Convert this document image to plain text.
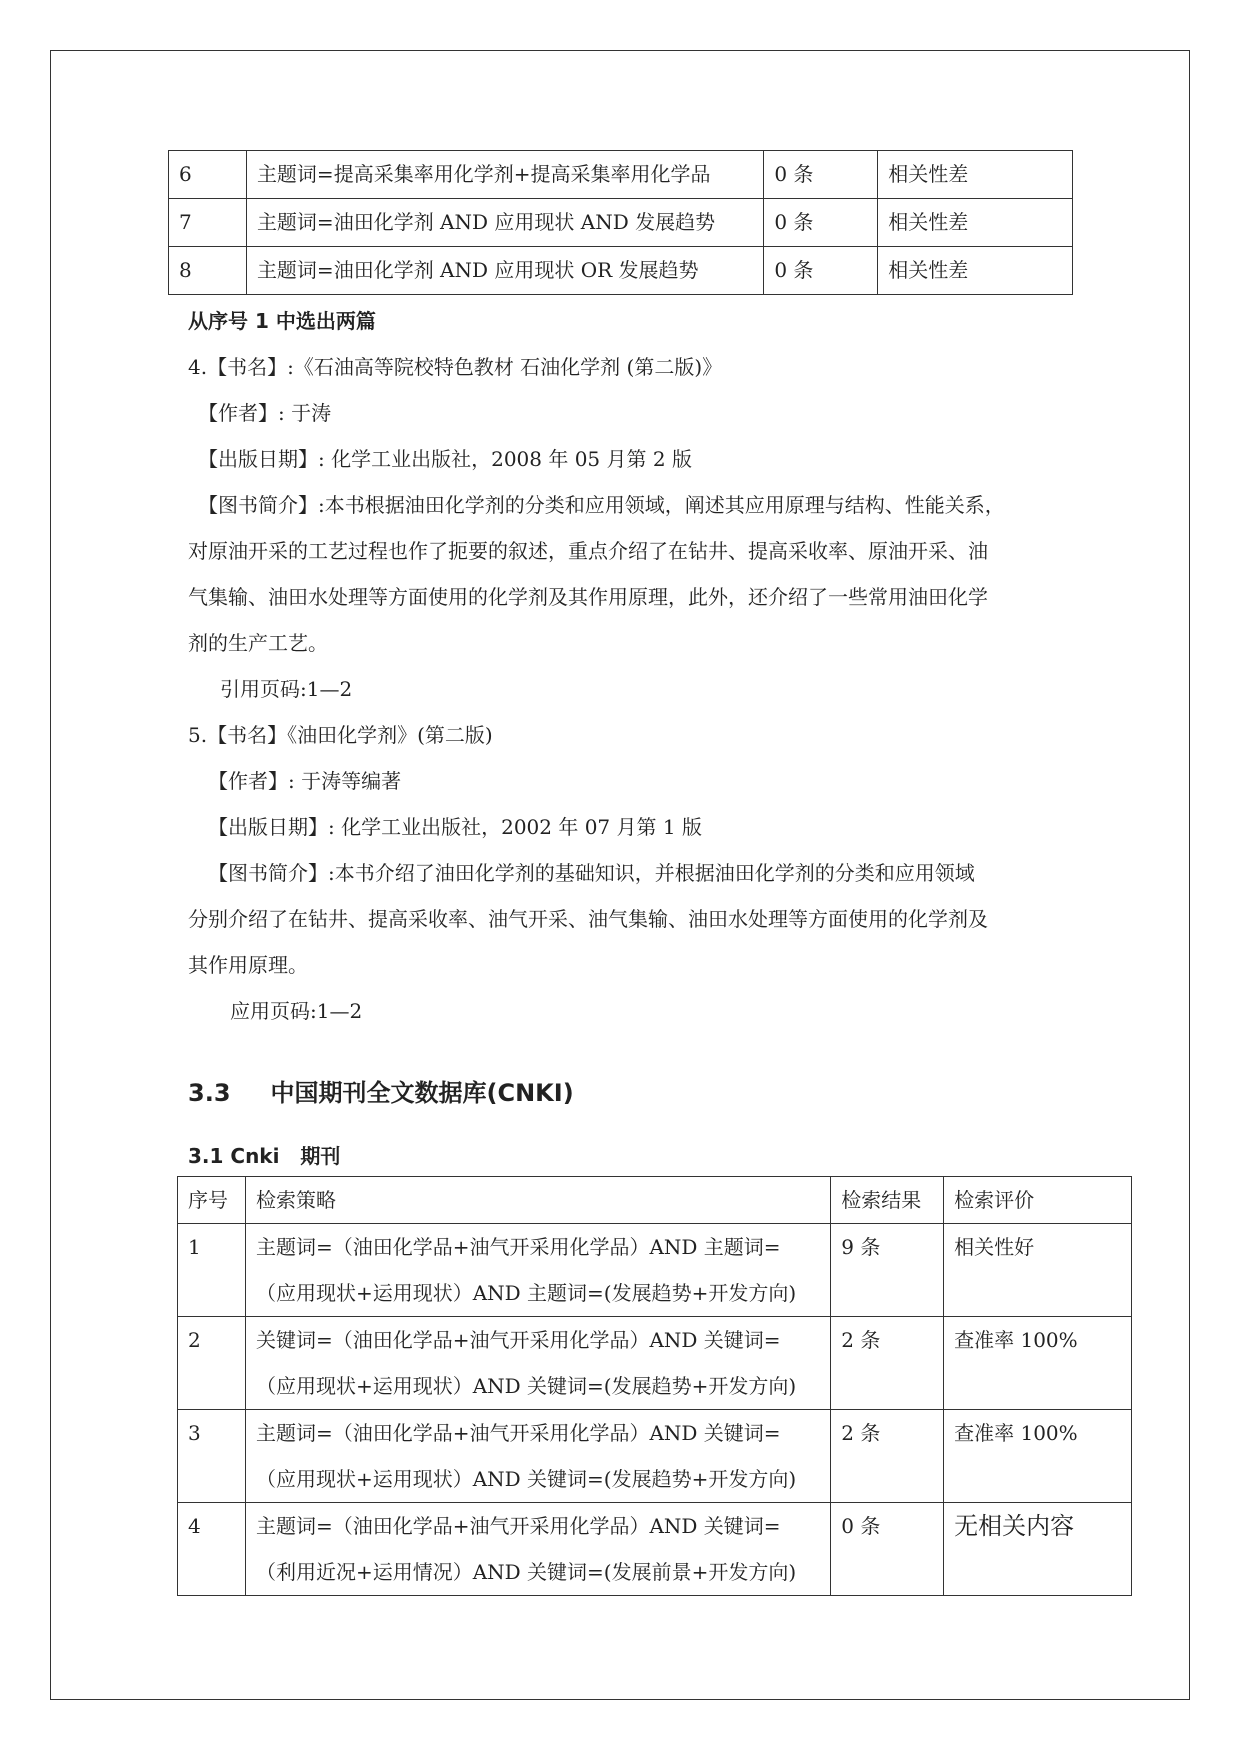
6	主题词=提高采集率用化学剂+提高采集率用化学品	0 条	相关性差
7	主题词=油田化学剂 AND 应用现状 AND 发展趋势	0 条	相关性差
8	主题词=油田化学剂 AND 应用现状 OR 发展趋势	0 条	相关性差
从序号 1 中选出两篇
4.【书名】:《石油高等院校特色教材 石油化学剂 (第二版)》
【作者】: 于涛
【出版日期】: 化学工业出版社，2008 年 05 月第 2 版
【图书简介】:本书根据油田化学剂的分类和应用领域，阐述其应用原理与结构、性能关系，
对原油开采的工艺过程也作了扼要的叙述，重点介绍了在钻井、提高采收率、原油开采、油
气集输、油田水处理等方面使用的化学剂及其作用原理，此外，还介绍了一些常用油田化学
剂的生产工艺。
引用页码:1—2
5.【书名】《油田化学剂》(第二版)
【作者】: 于涛等编著
【出版日期】: 化学工业出版社，2002 年 07 月第 1 版
【图书简介】:本书介绍了油田化学剂的基础知识，并根据油田化学剂的分类和应用领域
分别介绍了在钻井、提高采收率、油气开采、油气集输、油田水处理等方面使用的化学剂及
其作用原理。
应用页码:1—2
3.3 中国期刊全文数据库(CNKI)
3.1 Cnki   期刊
序号	检索策略	检索结果	检索评价
1	主题词=（油田化学品+油气开采用化学品）AND 主题词=
（应用现状+运用现状）AND 主题词=(发展趋势+开发方向)	9 条	相关性好
2	关键词=（油田化学品+油气开采用化学品）AND 关键词=
（应用现状+运用现状）AND 关键词=(发展趋势+开发方向)	2 条	查准率 100%
3	主题词=（油田化学品+油气开采用化学品）AND 关键词=
（应用现状+运用现状）AND 关键词=(发展趋势+开发方向)	2 条	查准率 100%
4	主题词=（油田化学品+油气开采用化学品）AND 关键词=
（利用近况+运用情况）AND 关键词=(发展前景+开发方向)	0 条	无相关内容
